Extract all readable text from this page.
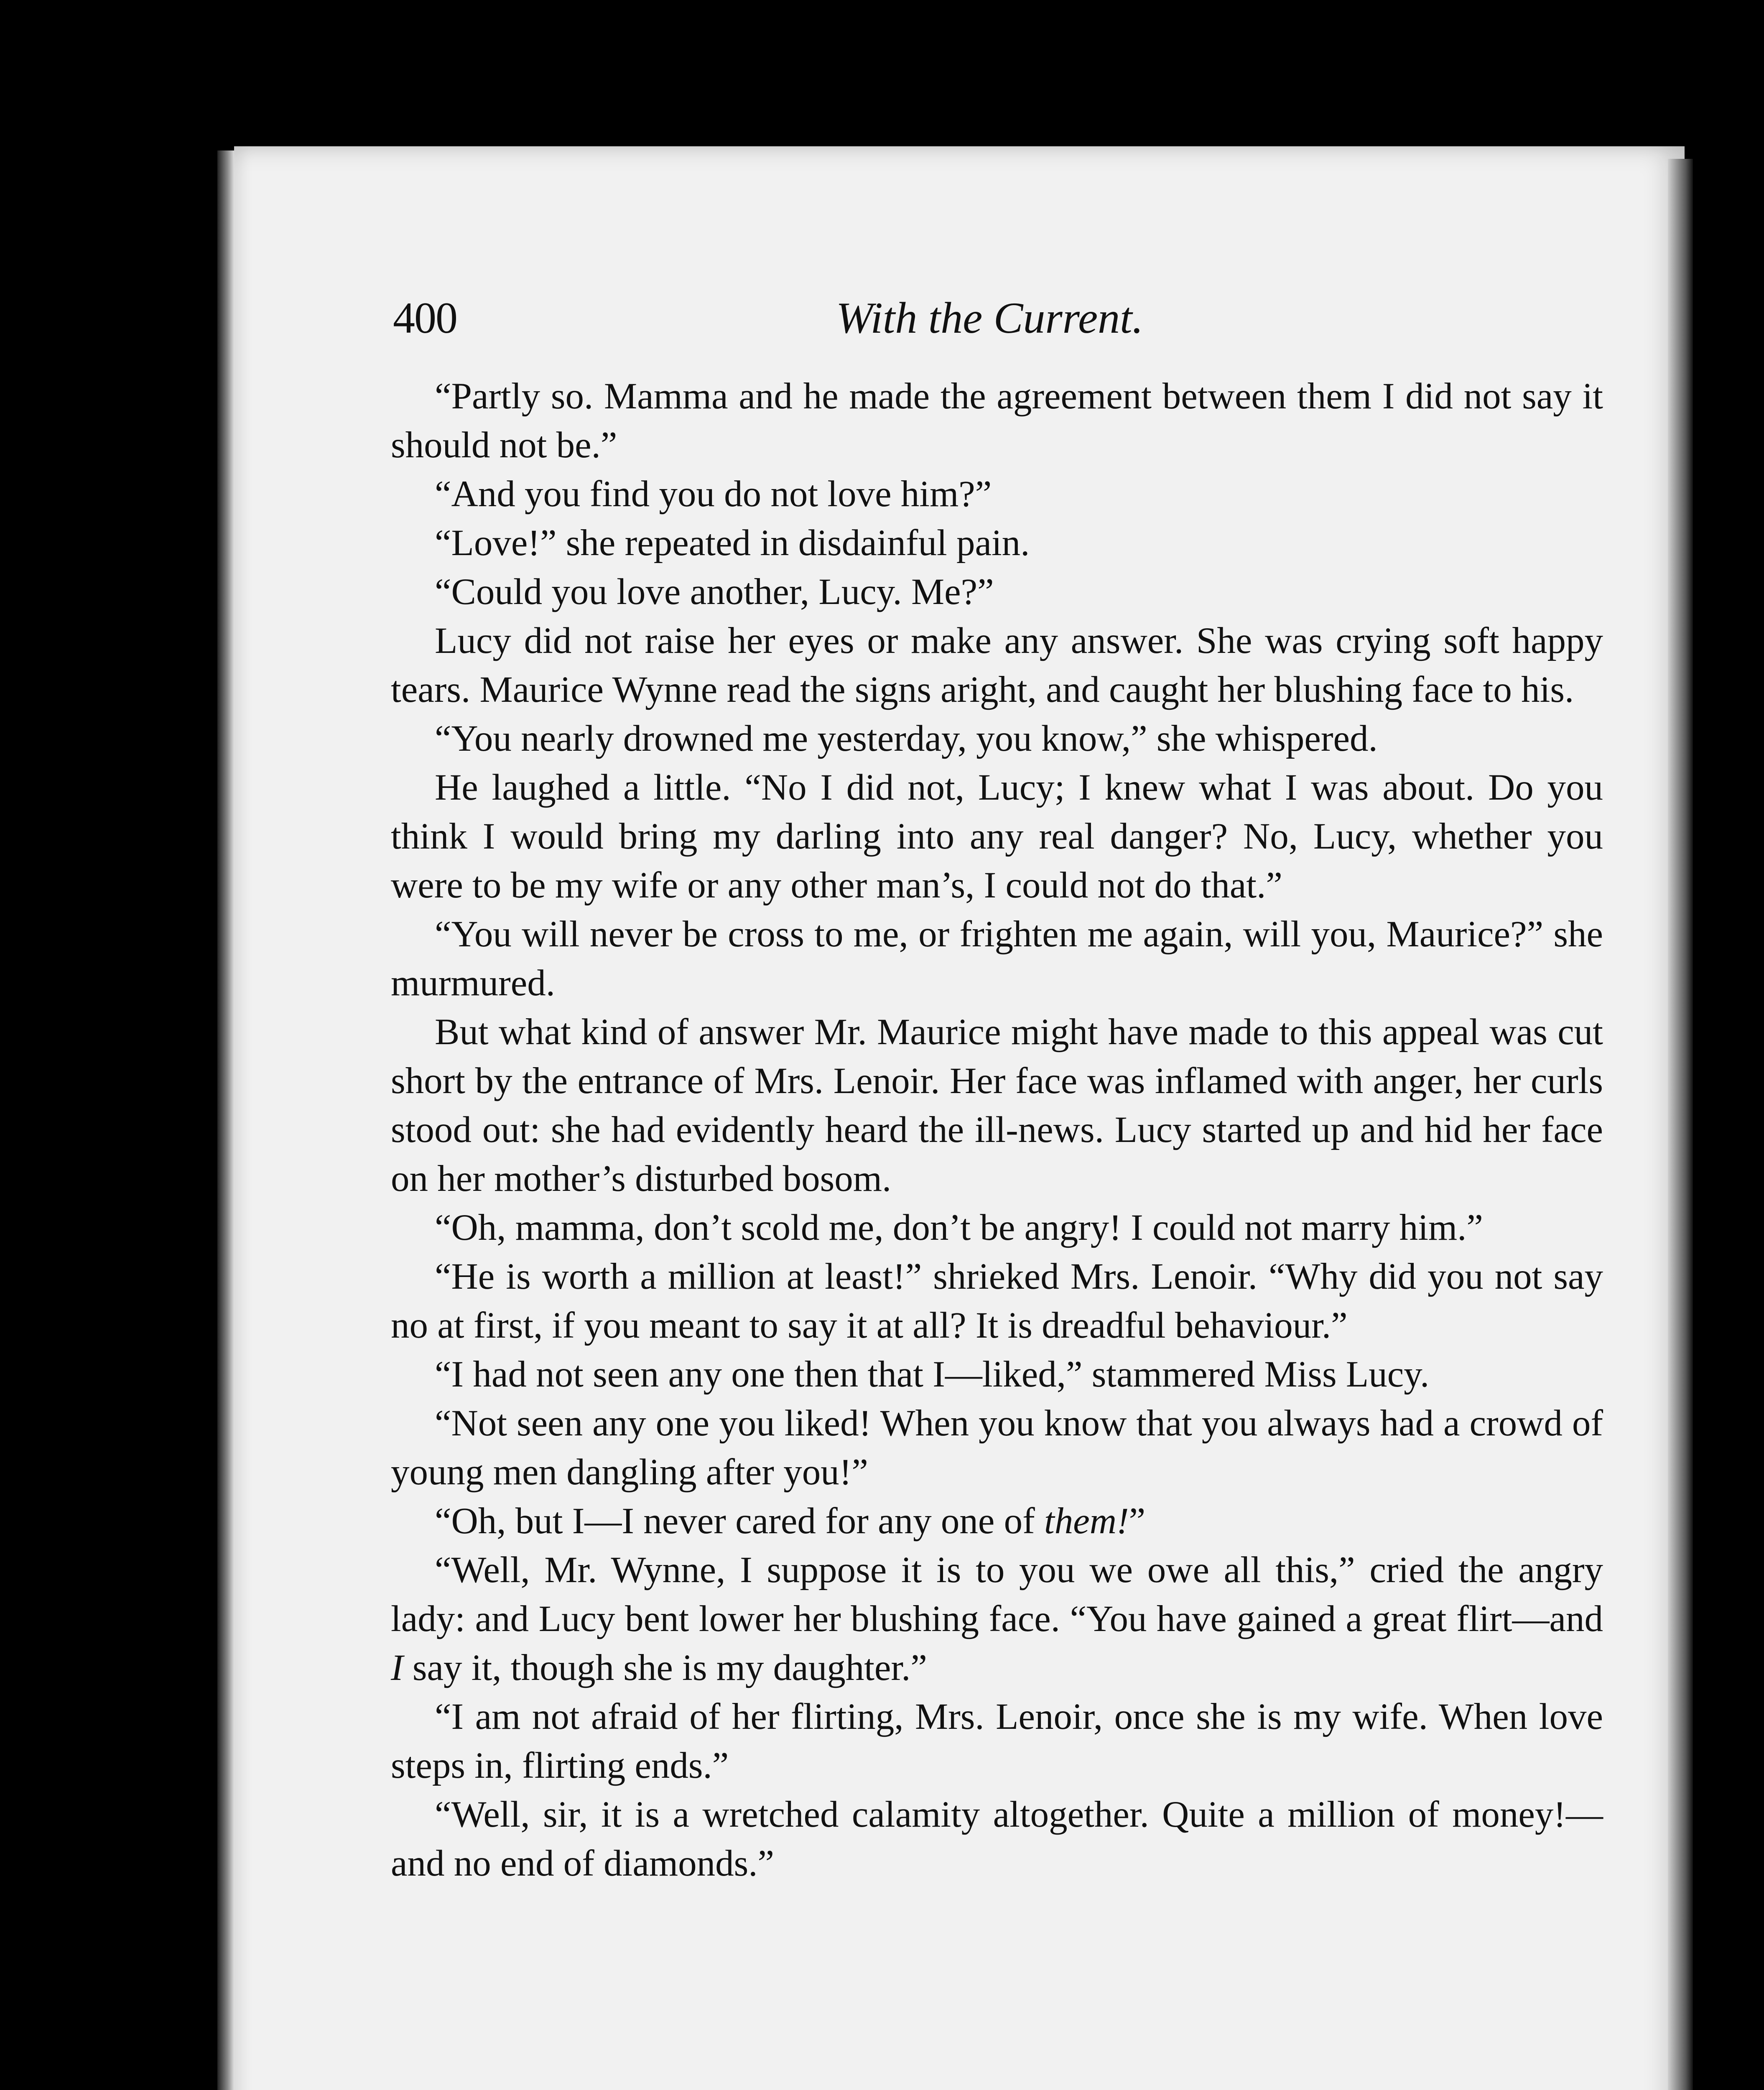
400	With the Current.

“Partly so. Mamma and he made the agreement between them I did not say it should not be.”

“And you find you do not love him?”

“Love!” she repeated in disdainful pain.

“Could you love another, Lucy. Me?”

Lucy did not raise her eyes or make any answer. She was crying soft happy tears. Maurice Wynne read the signs aright, and caught her blushing face to his.

“You nearly drowned me yesterday, you know,” she whispered.

He laughed a little. “No I did not, Lucy; I knew what I was about. Do you think I would bring my darling into any real danger? No, Lucy, whether you were to be my wife or any other man’s, I could not do that.”

“You will never be cross to me, or frighten me again, will you, Maurice?” she murmured.

But what kind of answer Mr. Maurice might have made to this appeal was cut short by the entrance of Mrs. Lenoir. Her face was inflamed with anger, her curls stood out: she had evidently heard the ill-news. Lucy started up and hid her face on her mother’s disturbed bosom.

“Oh, mamma, don’t scold me, don’t be angry! I could not marry him.”

“He is worth a million at least!” shrieked Mrs. Lenoir. “Why did you not say no at first, if you meant to say it at all? It is dreadful behaviour.”

“I had not seen any one then that I—liked,” stammered Miss Lucy.

“Not seen any one you liked! When you know that you always had a crowd of young men dangling after you!”

“Oh, but I—I never cared for any one of them!”

“Well, Mr. Wynne, I suppose it is to you we owe all this,” cried the angry lady: and Lucy bent lower her blushing face. “You have gained a great flirt—and I say it, though she is my daughter.”

“I am not afraid of her flirting, Mrs. Lenoir, once she is my wife. When love steps in, flirting ends.”

“Well, sir, it is a wretched calamity altogether. Quite a million of money!—and no end of diamonds.”
